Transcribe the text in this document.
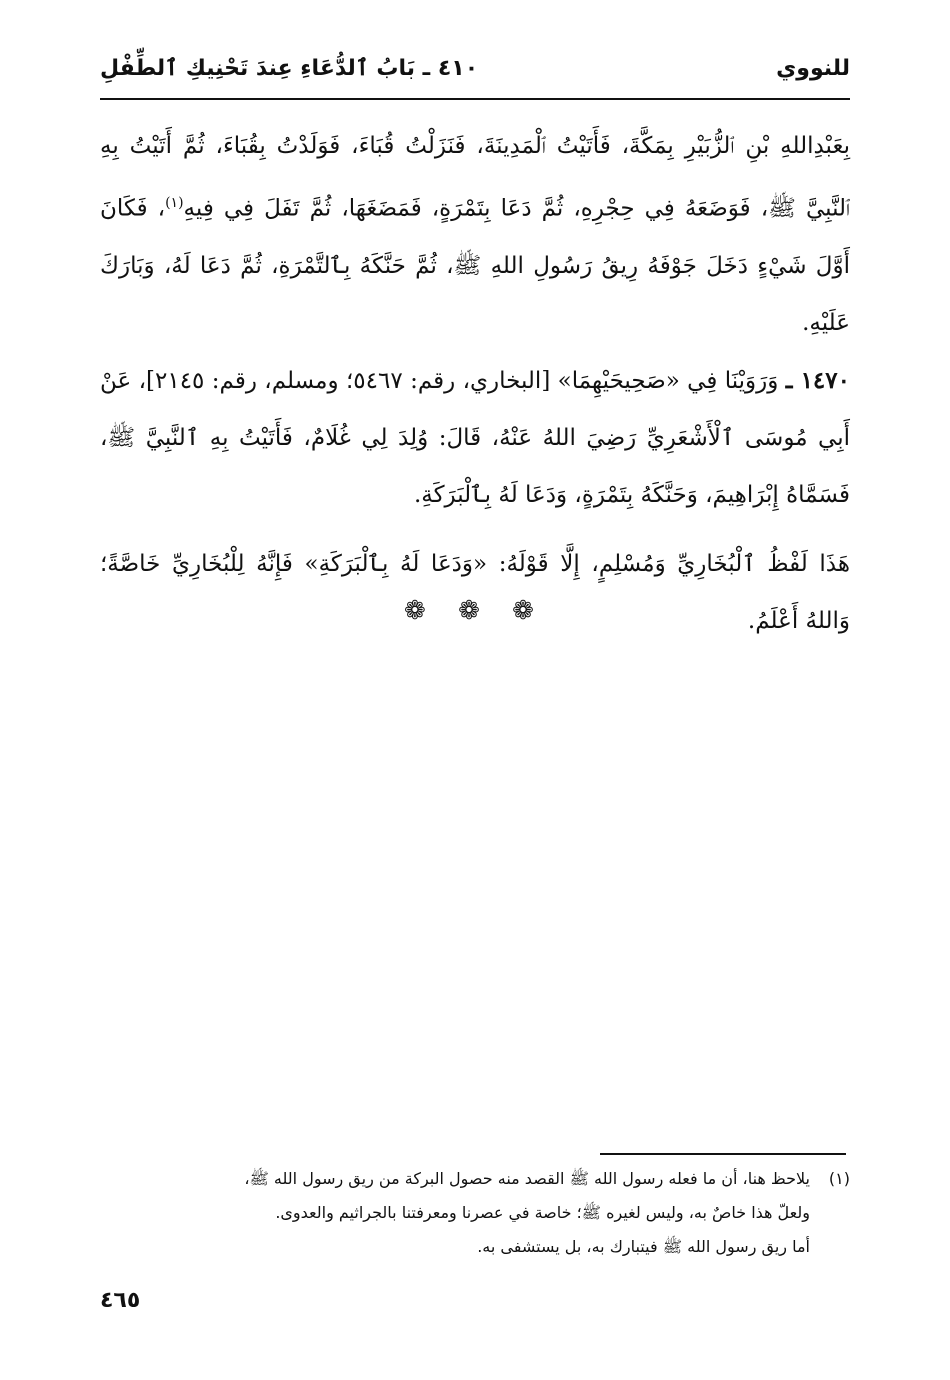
للنووي
٤١٠ ـ بَابُ ٱلدُّعَاءِ عِندَ تَحْنِيكِ ٱلطِّفْلِ

بِعَبْدِاللهِ بْنِ ٱلزُّبَيْرِ بِمَكَّةَ، فَأَتَيْتُ ٱلْمَدِينَةَ، فَنَزَلْتُ قُبَاءَ، فَوَلَدْتُ بِقُبَاءَ، ثُمَّ أَتَيْتُ بِهِ ٱلنَّبِيَّ ﷺ، فَوَضَعَهُ فِي حِجْرِهِ، ثُمَّ دَعَا بِتَمْرَةٍ، فَمَضَغَهَا، ثُمَّ تَفَلَ فِي فِيهِ$^{(١)}$، فَكَانَ أَوَّلَ شَيْءٍ دَخَلَ جَوْفَهُ رِيقُ رَسُولِ اللهِ ﷺ، ثُمَّ حَنَّكَهُ بِٱلتَّمْرَةِ، ثُمَّ دَعَا لَهُ، وَبَارَكَ عَلَيْهِ.

١٤٧٠ ـ وَرَوَيْنَا فِي «صَحِيحَيْهِمَا» [البخاري، رقم: ٥٤٦٧؛ ومسلم، رقم: ٢١٤٥]، عَنْ أَبِي مُوسَى ٱلْأَشْعَرِيِّ رَضِيَ اللهُ عَنْهُ، قَالَ: وُلِدَ لِي غُلَامٌ، فَأَتَيْتُ بِهِ ٱلنَّبِيَّ ﷺ، فَسَمَّاهُ إِبْرَاهِيمَ، وَحَنَّكَهُ بِتَمْرَةٍ، وَدَعَا لَهُ بِٱلْبَرَكَةِ.

هَذَا لَفْظُ ٱلْبُخَارِيِّ وَمُسْلِمٍ، إِلَّا قَوْلَهُ: «وَدَعَا لَهُ بِٱلْبَرَكَةِ» فَإِنَّهُ لِلْبُخَارِيِّ خَاصَّةً؛ وَاللهُ أَعْلَمُ.

❁ ❁ ❁

(١)يلاحظ هنا، أن ما فعله رسول الله ﷺ القصد منه حصول البركة من ريق رسول الله ﷺ،

ولعلّ هذا خاصٌ به، وليس لغيره ﷺ؛ خاصة في عصرنا ومعرفتنا بالجراثيم والعدوى.

أما ريق رسول الله ﷺ فيتبارك به، بل يستشفى به.

٤٦٥
